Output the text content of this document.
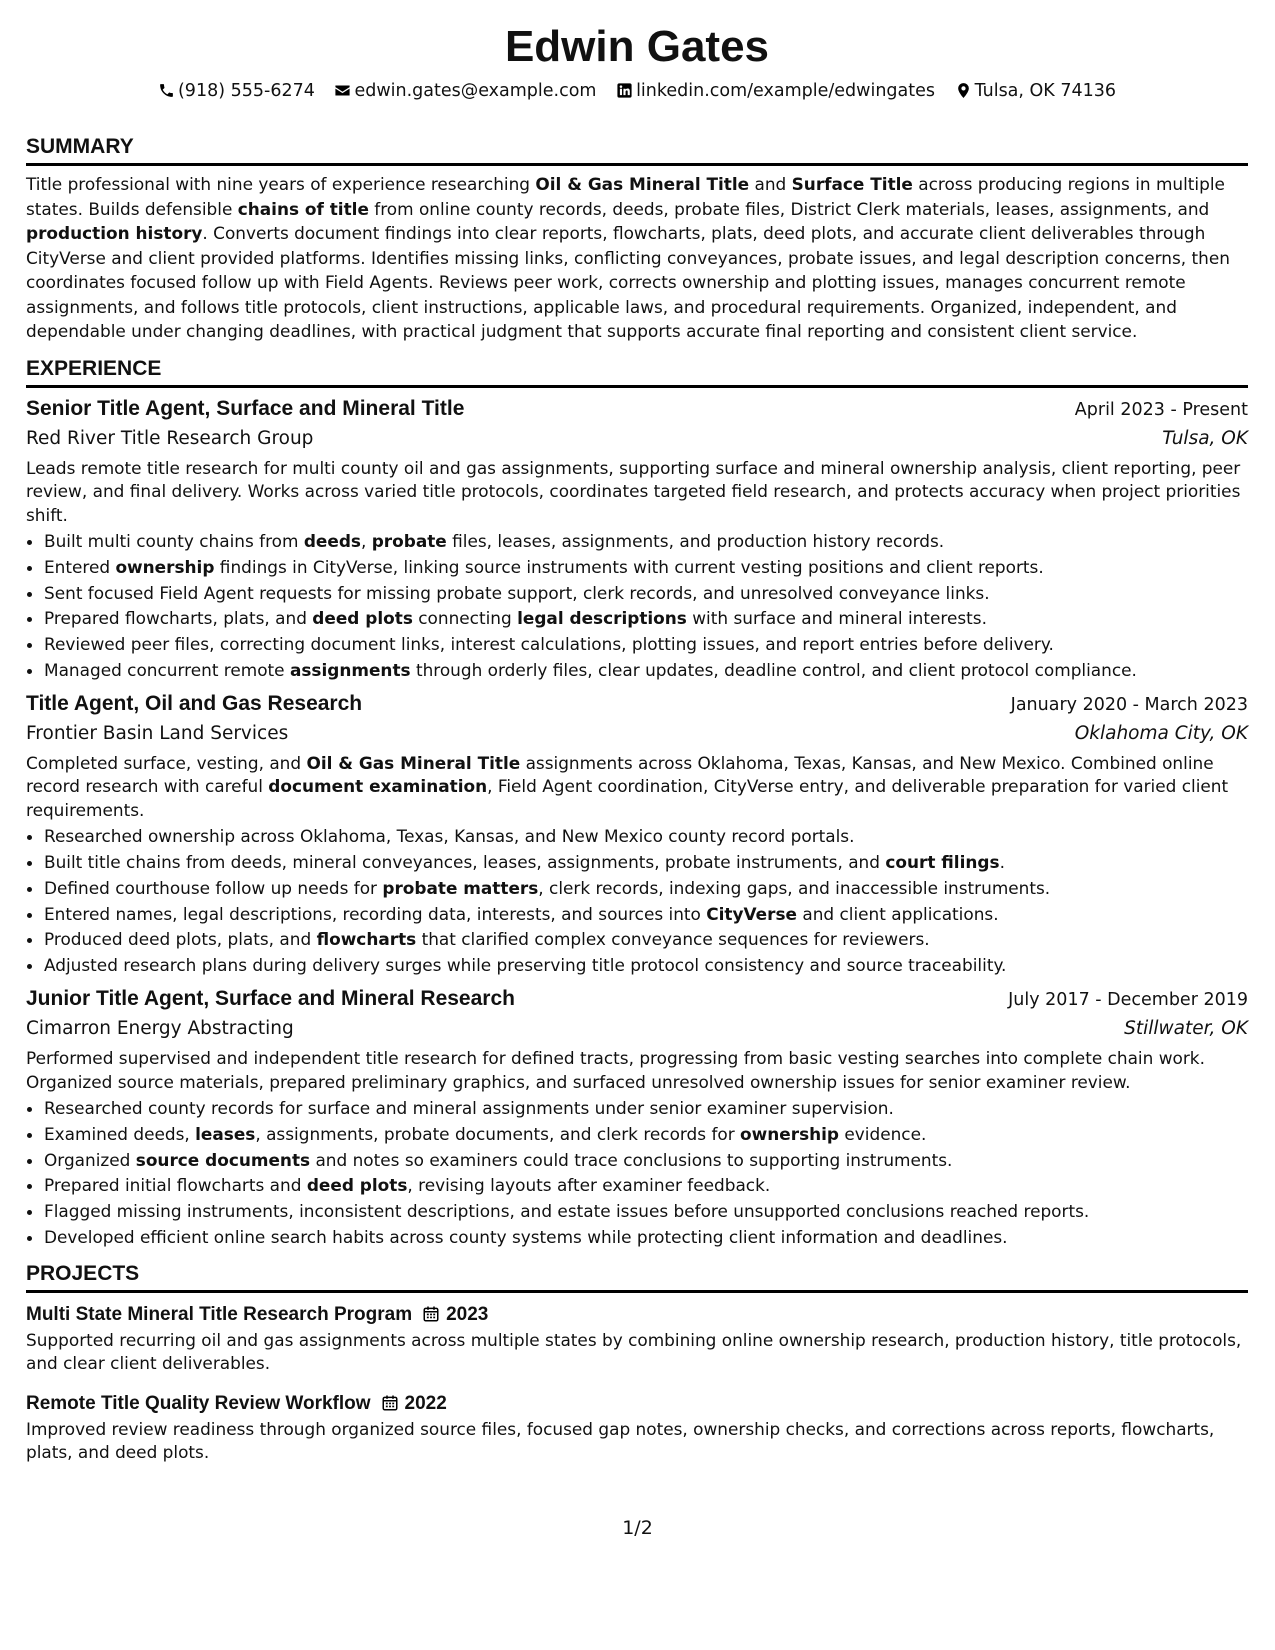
Edwin Gates
(918) 555-6274 edwin.gates@example.com linkedin.com/example/edwingates Tulsa, OK 74136
SUMMARY

Title professional with nine years of experience researching Oil & Gas Mineral Title and Surface Title across producing regions in multiple states. Builds defensible chains of title from online county records, deeds, probate files, District Clerk materials, leases, assignments, and production history. Converts document findings into clear reports, flowcharts, plats, deed plots, and accurate client deliverables through CityVerse and client provided platforms. Identifies missing links, conflicting conveyances, probate issues, and legal description concerns, then coordinates focused follow up with Field Agents. Reviews peer work, corrects ownership and plotting issues, manages concurrent remote assignments, and follows title protocols, client instructions, applicable laws, and procedural requirements. Organized, independent, and dependable under changing deadlines, with practical judgment that supports accurate final reporting and consistent client service.

EXPERIENCE
Senior Title Agent, Surface and Mineral Title	April 2023 - Present
Red River Title Research Group	Tulsa, OK

Leads remote title research for multi county oil and gas assignments, supporting surface and mineral ownership analysis, client reporting, peer review, and final delivery. Works across varied title protocols, coordinates targeted field research, and protects accuracy when project priorities shift.

• Built multi county chains from deeds, probate files, leases, assignments, and production history records.
• Entered ownership findings in CityVerse, linking source instruments with current vesting positions and client reports.
• Sent focused Field Agent requests for missing probate support, clerk records, and unresolved conveyance links.
• Prepared flowcharts, plats, and deed plots connecting legal descriptions with surface and mineral interests.
• Reviewed peer files, correcting document links, interest calculations, plotting issues, and report entries before delivery.
• Managed concurrent remote assignments through orderly files, clear updates, deadline control, and client protocol compliance.
Title Agent, Oil and Gas Research	January 2020 - March 2023
Frontier Basin Land Services	Oklahoma City, OK

Completed surface, vesting, and Oil & Gas Mineral Title assignments across Oklahoma, Texas, Kansas, and New Mexico. Combined online record research with careful document examination, Field Agent coordination, CityVerse entry, and deliverable preparation for varied client requirements.

• Researched ownership across Oklahoma, Texas, Kansas, and New Mexico county record portals.
• Built title chains from deeds, mineral conveyances, leases, assignments, probate instruments, and court filings.
• Defined courthouse follow up needs for probate matters, clerk records, indexing gaps, and inaccessible instruments.
• Entered names, legal descriptions, recording data, interests, and sources into CityVerse and client applications.
• Produced deed plots, plats, and flowcharts that clarified complex conveyance sequences for reviewers.
• Adjusted research plans during delivery surges while preserving title protocol consistency and source traceability.
Junior Title Agent, Surface and Mineral Research	July 2017 - December 2019
Cimarron Energy Abstracting	Stillwater, OK

Performed supervised and independent title research for defined tracts, progressing from basic vesting searches into complete chain work. Organized source materials, prepared preliminary graphics, and surfaced unresolved ownership issues for senior examiner review.

• Researched county records for surface and mineral assignments under senior examiner supervision.
• Examined deeds, leases, assignments, probate documents, and clerk records for ownership evidence.
• Organized source documents and notes so examiners could trace conclusions to supporting instruments.
• Prepared initial flowcharts and deed plots, revising layouts after examiner feedback.
• Flagged missing instruments, inconsistent descriptions, and estate issues before unsupported conclusions reached reports.
• Developed efficient online search habits across county systems while protecting client information and deadlines.
PROJECTS
Multi State Mineral Title Research Program 2023

Supported recurring oil and gas assignments across multiple states by combining online ownership research, production history, title protocols, and clear client deliverables.

Remote Title Quality Review Workflow 2022

Improved review readiness through organized source files, focused gap notes, ownership checks, and corrections across reports, flowcharts, plats, and deed plots.

1/2
